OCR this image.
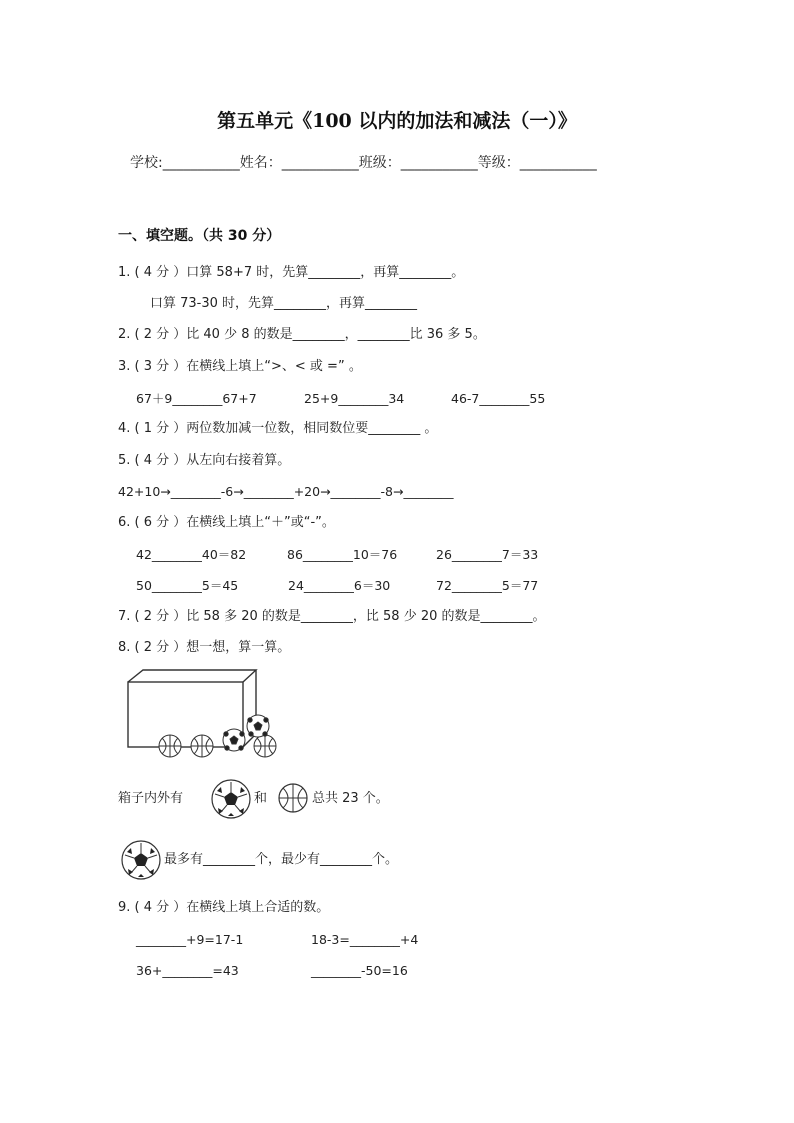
第五单元《100 以内的加法和减法（一）》
学校:___________姓名：___________班级：___________等级：___________
一、填空题。（共 30 分）
1. ( 4 分 ）口算 58+7 时，先算________，再算________。
口算 73-30 时，先算________，再算________
2. ( 2 分 ）比 40 少 8 的数是________，________比 36 多 5。
3. ( 3 分 ）在横线上填上“>、< 或 =” 。
67＋9________67+7	25+9________34	46-7________55
4. ( 1 分 ）两位数加减一位数，相同数位要________ 。
5. ( 4 分 ）从左向右接着算。
42+10→________-6→________+20→________-8→________
6. ( 6 分 ）在横线上填上“＋”或“-”。
42________40＝82	86________10＝76	26________7＝33
50________5＝45	24________6＝30	72________5＝77
7. ( 2 分 ）比 58 多 20 的数是________，比 58 少 20 的数是________。
8. ( 2 分 ）想一想，算一算。
箱子内外有	和	总共 23 个。
最多有________个，最少有________个。
9. ( 4 分 ）在横线上填上合适的数。
________+9=17-1	18-3=________+4
36+________=43	________-50=16
